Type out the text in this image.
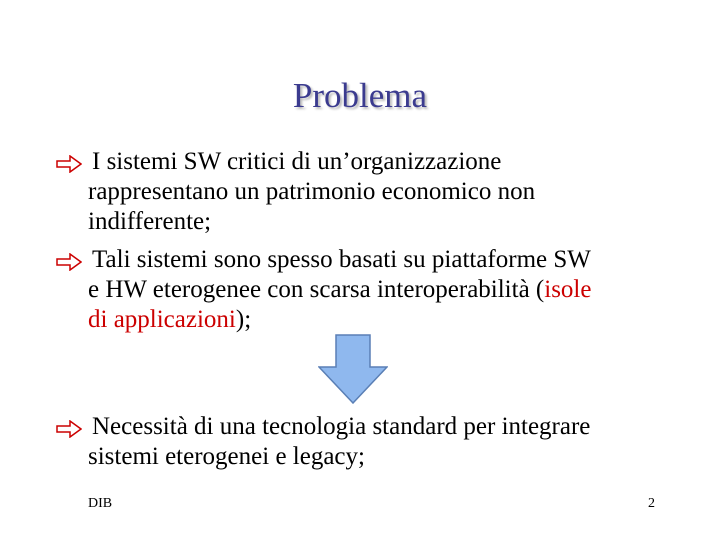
Problema
I sistemi SW critici di un’organizzazione
rappresentano un patrimonio economico non
indifferente;
Tali sistemi sono spesso basati su piattaforme SW
e HW eterogenee con scarsa interoperabilità (isole
di applicazioni);
Necessità di una tecnologia standard per integrare
sistemi eterogenei e legacy;
DIB	2
